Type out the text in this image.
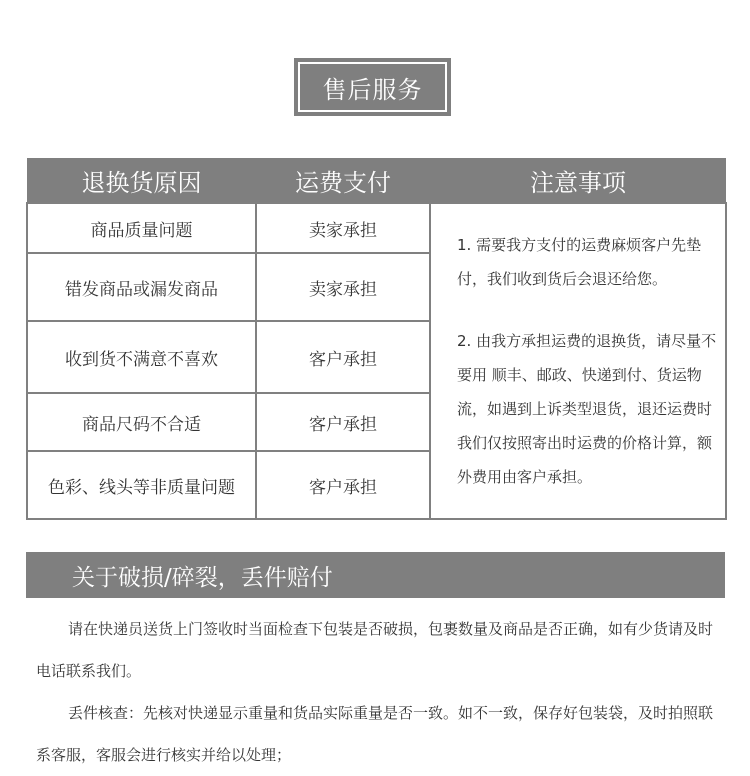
售后服务
退换货原因	运费支付	注意事项
商品质量问题	卖家承担	1. 需要我方支付的运费麻烦客户先垫付，我们收到货后会退还给您。

2. 由我方承担运费的退换货，请尽量不要用 顺丰、邮政、快递到付、货运物流，如遇到上诉类型退货，退还运费时我们仅按照寄出时运费的价格计算，额外费用由客户承担。

错发商品或漏发商品	卖家承担	
收到货不满意不喜欢	客户承担	
商品尺码不合适	客户承担	
色彩、线头等非质量问题	客户承担	
关于破损/碎裂，丢件赔付

请在快递员送货上门签收时当面检查下包装是否破损，包裹数量及商品是否正确，如有少货请及时电话联系我们。

丢件核查：先核对快递显示重量和货品实际重量是否一致。如不一致，保存好包装袋，及时拍照联系客服，客服会进行核实并给以处理；
